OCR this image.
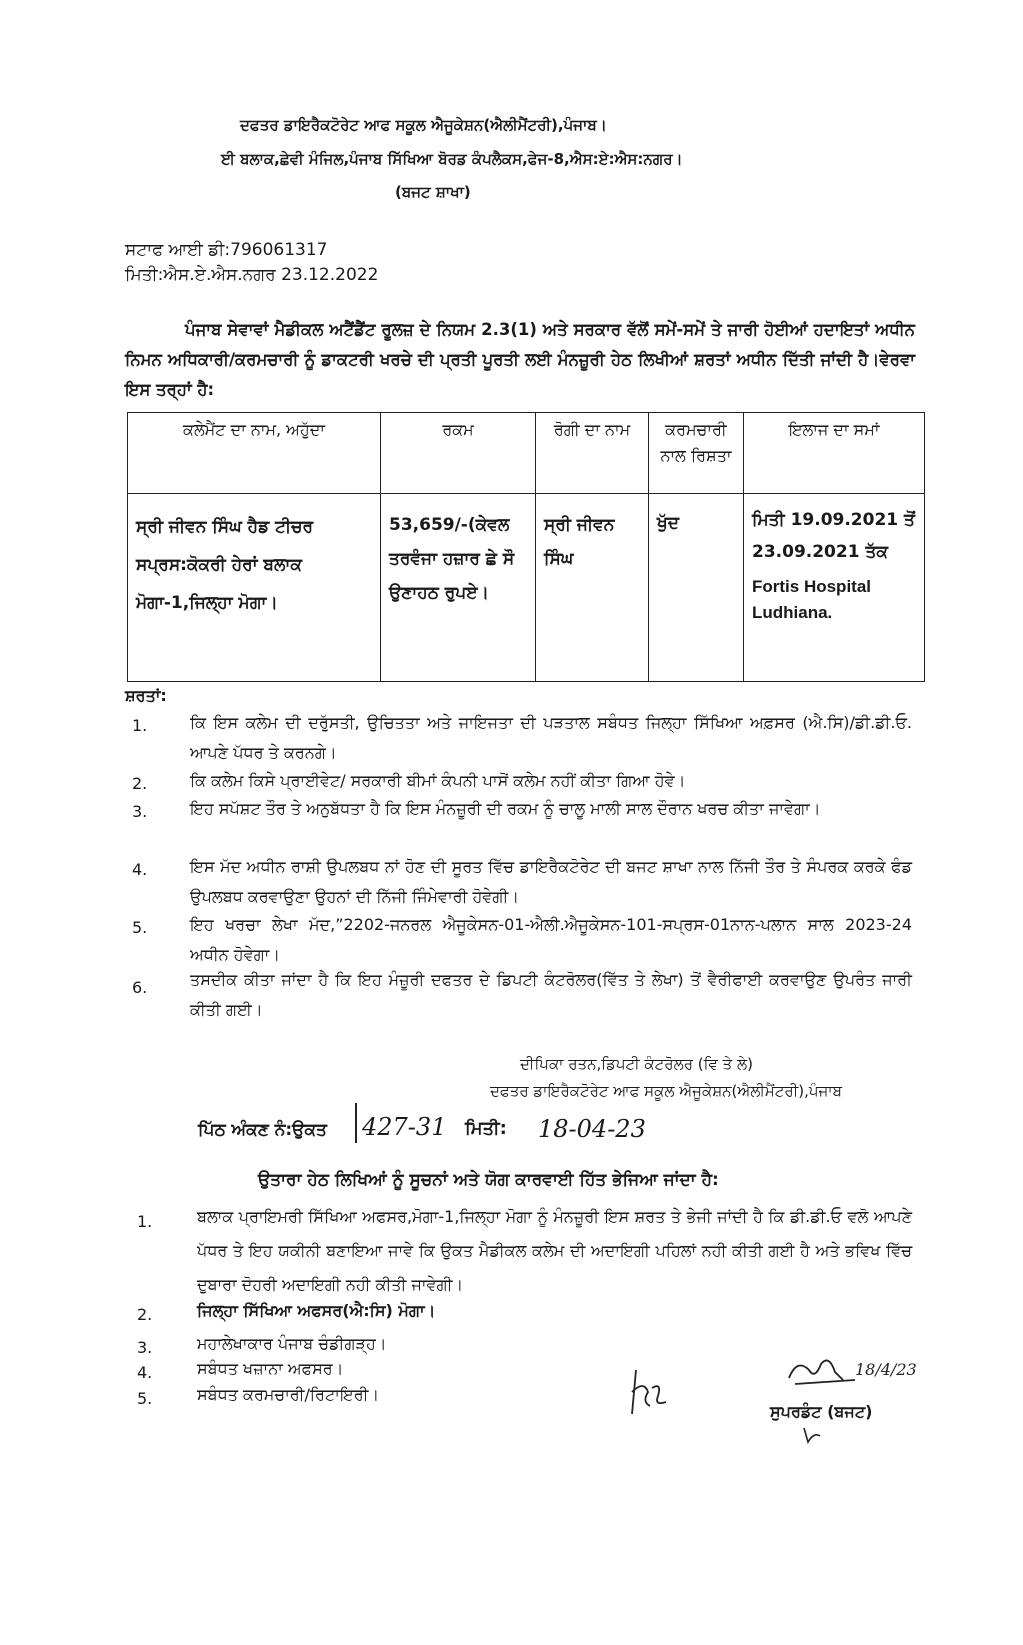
ਦਫਤਰ ਡਾਇਰੈਕਟੋਰੇਟ ਆਫ ਸਕੂਲ ਐਜੂਕੇਸ਼ਨ(ਐਲੀਮੈਂਟਰੀ),ਪੰਜਾਬ।
ਈ ਬਲਾਕ,ਛੇਵੀ ਮੰਜਿਲ,ਪੰਜਾਬ ਸਿੱਖਿਆ ਬੋਰਡ ਕੰਪਲੈਕਸ,ਫੇਜ-8,ਐਸ:ਏ:ਐਸ:ਨਗਰ।
(ਬਜਟ ਸ਼ਾਖਾ)
ਸਟਾਫ ਆਈ ਡੀ:796061317
ਮਿਤੀ:ਐਸ.ਏ.ਐਸ.ਨਗਰ 23.12.2022
ਪੰਜਾਬ ਸੇਵਾਵਾਂ ਮੈਡੀਕਲ ਅਟੈਂਡੈਂਟ ਰੂਲਜ਼ ਦੇ ਨਿਯਮ 2.3(1) ਅਤੇ ਸਰਕਾਰ ਵੱਲੋਂ ਸਮੇਂ-ਸਮੇਂ ਤੇ ਜਾਰੀ ਹੋਈਆਂ ਹਦਾਇਤਾਂ ਅਧੀਨ ਨਿਮਨ ਅਧਿਕਾਰੀ/ਕਰਮਚਾਰੀ ਨੂੰ ਡਾਕਟਰੀ ਖਰਚੇ ਦੀ ਪ੍ਰਤੀ ਪੂਰਤੀ ਲਈ ਮੰਨਜ਼ੂਰੀ ਹੇਠ ਲਿਖੀਆਂ ਸ਼ਰਤਾਂ ਅਧੀਨ ਦਿੱਤੀ ਜਾਂਦੀ ਹੈ।ਵੇਰਵਾ ਇਸ ਤਰ੍ਹਾਂ ਹੈ:
ਕਲੇਮੈਂਟ ਦਾ ਨਾਮ, ਅਹੁੱਦਾ	ਰਕਮ	ਰੋਗੀ ਦਾ ਨਾਮ	ਕਰਮਚਾਰੀ ਨਾਲ ਰਿਸ਼ਤਾ	ਇਲਾਜ ਦਾ ਸਮਾਂ
ਸ੍ਰੀ ਜੀਵਨ ਸਿੰਘ ਹੈਡ ਟੀਚਰ ਸਪ੍ਰਸ:ਕੋਕਰੀ ਹੇਰਾਂ ਬਲਾਕ ਮੋਗਾ-1,ਜਿਲ੍ਹਾ ਮੋਗਾ।	53,659/-(ਕੇਵਲ ਤਰਵੰਜਾ ਹਜ਼ਾਰ ਛੇ ਸੌ ਉਣਾਹਠ ਰੁਪਏ।	ਸ੍ਰੀ ਜੀਵਨ ਸਿੰਘ	ਖੁੱਦ	ਮਿਤੀ 19.09.2021 ਤੋਂ 23.09.2021 ਤੱਕ
Fortis Hospital Ludhiana.
ਸ਼ਰਤਾਂ:
1.	ਕਿ ਇਸ ਕਲੇਮ ਦੀ ਦਰੁੱਸਤੀ, ਉਚਿਤਤਾ ਅਤੇ ਜਾਇਜਤਾ ਦੀ ਪੜਤਾਲ ਸਬੰਧਤ ਜਿਲ੍ਹਾ ਸਿੱਖਿਆ ਅਫ਼ਸਰ (ਐ.ਸਿ)/ਡੀ.ਡੀ.ਓ. ਆਪਣੇ ਪੱਧਰ ਤੇ ਕਰਨਗੇ।
2.	ਕਿ ਕਲੇਮ ਕਿਸੇ ਪ੍ਰਾਈਵੇਟ/ ਸਰਕਾਰੀ ਬੀਮਾਂ ਕੰਪਨੀ ਪਾਸੋਂ ਕਲੇਮ ਨਹੀਂ ਕੀਤਾ ਗਿਆ ਹੋਵੇ।
3.	ਇਹ ਸਪੱਸ਼ਟ ਤੌਰ ਤੇ ਅਨੁਬੱਧਤਾ ਹੈ ਕਿ ਇਸ ਮੰਨਜ਼ੂਰੀ ਦੀ ਰਕਮ ਨੂੰ ਚਾਲੂ ਮਾਲੀ ਸਾਲ ਦੌਰਾਨ ਖਰਚ ਕੀਤਾ ਜਾਵੇਗਾ।
4.	ਇਸ ਮੱਦ ਅਧੀਨ ਰਾਸ਼ੀ ਉਪਲਬਧ ਨਾਂ ਹੋਣ ਦੀ ਸੂਰਤ ਵਿੱਚ ਡਾਇਰੈਕਟੋਰੇਟ ਦੀ ਬਜਟ ਸ਼ਾਖਾ ਨਾਲ ਨਿੱਜੀ ਤੌਰ ਤੇ ਸੰਪਰਕ ਕਰਕੇ ਫੰਡ ਉਪਲਬਧ ਕਰਵਾਉਣਾ ਉਹਨਾਂ ਦੀ ਨਿੱਜੀ ਜਿੰਮੇਵਾਰੀ ਹੋਵੇਗੀ।
5.	ਇਹ ਖਰਚਾ ਲੇਖਾ ਮੱਦ,”2202-ਜਨਰਲ ਐਜੂਕੇਸਨ-01-ਐਲੀ.ਐਜੂਕੇਸਨ-101-ਸਪ੍ਰਸ-01ਨਾਨ-ਪਲਾਨ ਸਾਲ 2023-24 ਅਧੀਨ ਹੋਵੇਗਾ।
6.	ਤਸਦੀਕ ਕੀਤਾ ਜਾਂਦਾ ਹੈ ਕਿ ਇਹ ਮੰਜ਼ੂਰੀ ਦਫਤਰ ਦੇ ਡਿਪਟੀ ਕੰਟਰੋਲਰ(ਵਿੱਤ ਤੇ ਲੇਖਾ) ਤੋਂ ਵੈਰੀਫਾਈ ਕਰਵਾਉਣ ਉਪਰੰਤ ਜਾਰੀ ਕੀਤੀ ਗਈ।
ਦੀਪਿਕਾ ਰਤਨ,ਡਿਪਟੀ ਕੰਟਰੋਲਰ (ਵਿ ਤੇ ਲੇ)
ਦਫਤਰ ਡਾਇਰੈਕਟੋਰੇਟ ਆਫ ਸਕੂਲ ਐਜੂਕੇਸ਼ਨ(ਐਲੀਮੈਂਟਰੀ),ਪੰਜਾਬ
ਪਿੱਠ ਅੰਕਣ ਨੰ:ਉਕਤ 427-31 ਮਿਤੀ: 18-04-23
ਉਤਾਰਾ ਹੇਠ ਲਿਖਿਆਂ ਨੂੰ ਸੂਚਨਾਂ ਅਤੇ ਯੋਗ ਕਾਰਵਾਈ ਹਿੱਤ ਭੇਜਿਆ ਜਾਂਦਾ ਹੈ:
1.	ਬਲਾਕ ਪ੍ਰਾਇਮਰੀ ਸਿੱਖਿਆ ਅਫਸਰ,ਮੋਗਾ-1,ਜਿਲ੍ਹਾ ਮੋਗਾ ਨੂੰ ਮੰਨਜ਼ੂਰੀ ਇਸ ਸ਼ਰਤ ਤੇ ਭੇਜੀ ਜਾਂਦੀ ਹੈ ਕਿ ਡੀ.ਡੀ.ਓ ਵਲੋ ਆਪਣੇ ਪੱਧਰ ਤੇ ਇਹ ਯਕੀਨੀ ਬਣਾਇਆ ਜਾਵੇ ਕਿ ਉਕਤ ਮੈਡੀਕਲ ਕਲੇਮ ਦੀ ਅਦਾਇਗੀ ਪਹਿਲਾਂ ਨਹੀ ਕੀਤੀ ਗਈ ਹੈ ਅਤੇ ਭਵਿਖ ਵਿੱਚ ਦੁਬਾਰਾ ਦੋਹਰੀ ਅਦਾਇਗੀ ਨਹੀ ਕੀਤੀ ਜਾਵੇਗੀ।
2.	ਜਿਲ੍ਹਾ ਸਿੱਖਿਆ ਅਫਸਰ(ਐ:ਸਿ) ਮੋਗਾ।
3.	ਮਹਾਲੇਖਾਕਾਰ ਪੰਜਾਬ ਚੰਡੀਗੜ੍ਹ।
4.	ਸਬੰਧਤ ਖਜ਼ਾਨਾ ਅਫਸਰ।
5.	ਸਬੰਧਤ ਕਰਮਚਾਰੀ/ਰਿਟਾਇਰੀ।
18/4/23
ਸੁਪਰਡੰਟ (ਬਜਟ)
